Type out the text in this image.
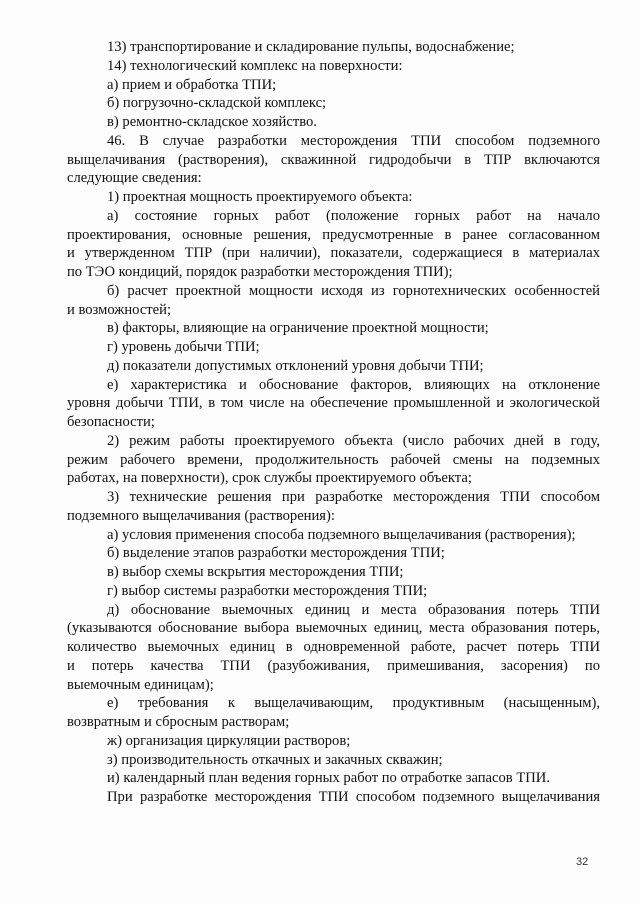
13) транспортирование и складирование пульпы, водоснабжение;

14) технологический комплекс на поверхности:

а) прием и обработка ТПИ;

б) погрузочно-складской комплекс;

в) ремонтно-складское хозяйство.

46. В случае разработки месторождения ТПИ способом подземного
выщелачивания (растворения), скважинной гидродобычи в ТПР включаются
следующие сведения:

1) проектная мощность проектируемого объекта:

а) состояние горных работ (положение горных работ на начало
проектирования, основные решения, предусмотренные в ранее согласованном
и утвержденном ТПР (при наличии), показатели, содержащиеся в материалах
по ТЭО кондиций, порядок разработки месторождения ТПИ);

б) расчет проектной мощности исходя из горнотехнических особенностей
и возможностей;

в) факторы, влияющие на ограничение проектной мощности;

г) уровень добычи ТПИ;

д) показатели допустимых отклонений уровня добычи ТПИ;

е) характеристика и обоснование факторов, влияющих на отклонение
уровня добычи ТПИ, в том числе на обеспечение промышленной и экологической
безопасности;

2) режим работы проектируемого объекта (число рабочих дней в году,
режим рабочего времени, продолжительность рабочей смены на подземных
работах, на поверхности), срок службы проектируемого объекта;

3) технические решения при разработке месторождения ТПИ способом
подземного выщелачивания (растворения):

а) условия применения способа подземного выщелачивания (растворения);

б) выделение этапов разработки месторождения ТПИ;

в) выбор схемы вскрытия месторождения ТПИ;

г) выбор системы разработки месторождения ТПИ;

д) обоснование выемочных единиц и места образования потерь ТПИ
(указываются обоснование выбора выемочных единиц, места образования потерь,
количество выемочных единиц в одновременной работе, расчет потерь ТПИ
и потерь качества ТПИ (разубоживания, примешивания, засорения) по
выемочным единицам);

е) требования к выщелачивающим, продуктивным (насыщенным),
возвратным и сбросным растворам;

ж) организация циркуляции растворов;

з) производительность откачных и закачных скважин;

и) календарный план ведения горных работ по отработке запасов ТПИ.

При разработке месторождения ТПИ способом подземного выщелачивания

32
